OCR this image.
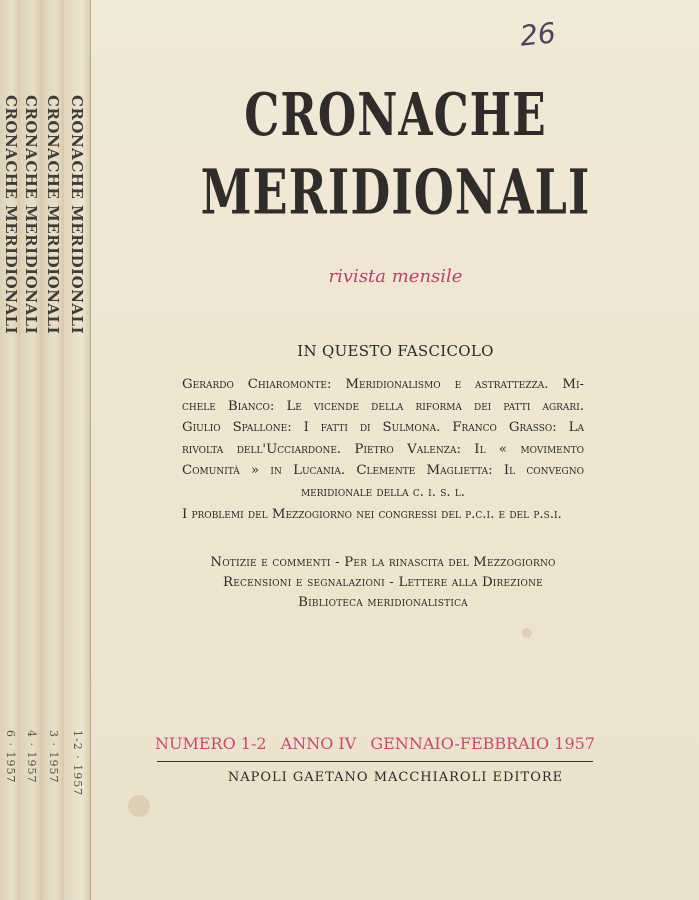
CRONACHE MERIDIONALI
6 · 1957
CRONACHE MERIDIONALI
4 · 1957
CRONACHE MERIDIONALI
3 · 1957
CRONACHE MERIDIONALI
1-2 · 1957
26
CRONACHE
MERIDIONALI
rivista mensile
IN QUESTO FASCICOLO
Gerardo Chiaromonte: Meridionalismo e astrattezza. Mi-
chele Bianco: Le vicende della riforma dei patti agrari.
Giulio Spallone: I fatti di Sulmona. Franco Grasso: La
rivolta dell'Ucciardone. Pietro Valenza: Il « movimento
Comunità » in Lucania. Clemente Maglietta: Il convegno
meridionale della c. i. s. l.
I problemi del Mezzogiorno nei congressi del p.c.i. e del p.s.i.
Notizie e commenti - Per la rinascita del Mezzogiorno
Recensioni e segnalazioni - Lettere alla Direzione
Biblioteca meridionalistica
NUMERO 1-2 ANNO IV GENNAIO-FEBBRAIO 1957
NAPOLI GAETANO MACCHIAROLI EDITORE
